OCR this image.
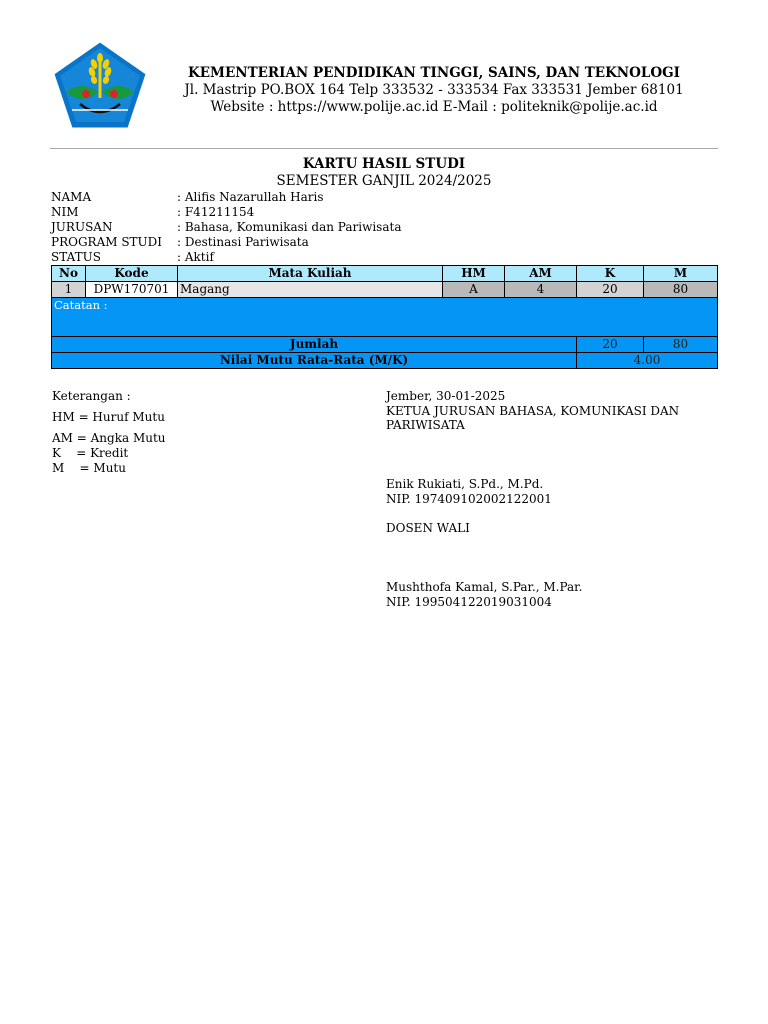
KEMENTERIAN PENDIDIKAN TINGGI, SAINS, DAN TEKNOLOGI
Jl. Mastrip PO.BOX 164 Telp 333532 - 333534 Fax 333531 Jember 68101
Website : https://www.polije.ac.id E-Mail : politeknik@polije.ac.id
KARTU HASIL STUDI
SEMESTER GANJIL 2024/2025
NAMA	: Alifis Nazarullah Haris
NIM	: F41211154
JURUSAN	: Bahasa, Komunikasi dan Pariwisata
PROGRAM STUDI	: Destinasi Pariwisata
STATUS	: Aktif
No	Kode	Mata Kuliah	HM	AM	K	M
1	DPW170701	Magang	A	4	20	80
Catatan :						
Jumlah					20	80
Nilai Mutu Rata-Rata (M/K)					4.00	
Keterangan :
HM = Huruf Mutu
AM = Angka Mutu
K    = Kredit
M    = Mutu
Jember, 30-01-2025
KETUA JURUSAN BAHASA, KOMUNIKASI DAN PARIWISATA
Enik Rukiati, S.Pd., M.Pd.
NIP. 197409102002122001
DOSEN WALI
Mushthofa Kamal, S.Par., M.Par.
NIP. 199504122019031004
